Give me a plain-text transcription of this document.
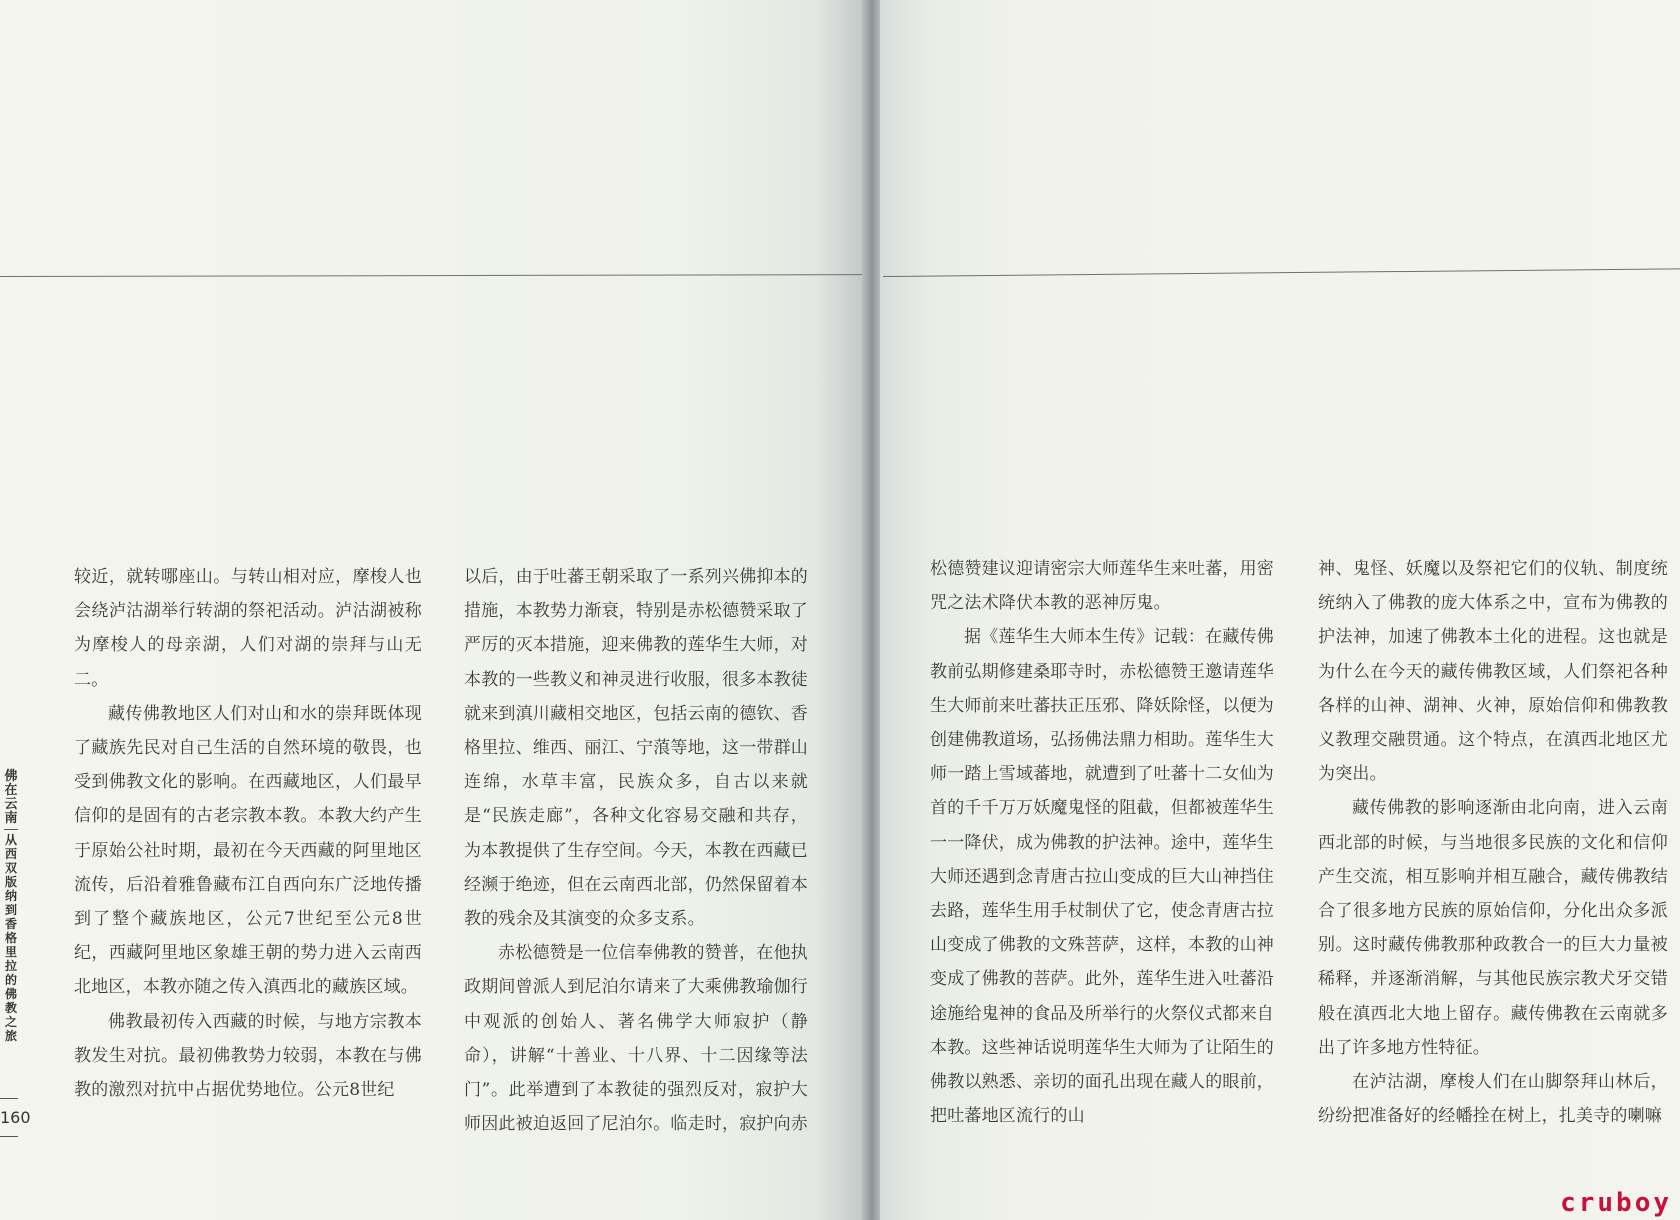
佛在云南
从西双版纳到香格里拉的佛教之旅
160

较近，就转哪座山。与转山相对应，摩梭人也会绕泸沽湖举行转湖的祭祀活动。泸沽湖被称为摩梭人的母亲湖，人们对湖的崇拜与山无二。

藏传佛教地区人们对山和水的崇拜既体现了藏族先民对自己生活的自然环境的敬畏，也受到佛教文化的影响。在西藏地区，人们最早信仰的是固有的古老宗教本教。本教大约产生于原始公社时期，最初在今天西藏的阿里地区流传，后沿着雅鲁藏布江自西向东广泛地传播到了整个藏族地区，公元7世纪至公元8世纪，西藏阿里地区象雄王朝的势力进入云南西北地区，本教亦随之传入滇西北的藏族区域。

佛教最初传入西藏的时候，与地方宗教本教发生对抗。最初佛教势力较弱，本教在与佛教的激烈对抗中占据优势地位。公元8世纪

以后，由于吐蕃王朝采取了一系列兴佛抑本的措施，本教势力渐衰，特别是赤松德赞采取了严厉的灭本措施，迎来佛教的莲华生大师，对本教的一些教义和神灵进行收服，很多本教徒就来到滇川藏相交地区，包括云南的德钦、香格里拉、维西、丽江、宁蒗等地，这一带群山连绵，水草丰富，民族众多，自古以来就是“民族走廊”，各种文化容易交融和共存，为本教提供了生存空间。今天，本教在西藏已经濒于绝迹，但在云南西北部，仍然保留着本教的残余及其演变的众多支系。

赤松德赞是一位信奉佛教的赞普，在他执政期间曾派人到尼泊尔请来了大乘佛教瑜伽行中观派的创始人、著名佛学大师寂护（静命），讲解“十善业、十八界、十二因缘等法门”。此举遭到了本教徒的强烈反对，寂护大师因此被迫返回了尼泊尔。临走时，寂护向赤

松德赞建议迎请密宗大师莲华生来吐蕃，用密咒之法术降伏本教的恶神厉鬼。

据《莲华生大师本生传》记载：在藏传佛教前弘期修建桑耶寺时，赤松德赞王邀请莲华生大师前来吐蕃扶正压邪、降妖除怪，以便为创建佛教道场，弘扬佛法鼎力相助。莲华生大师一踏上雪域蕃地，就遭到了吐蕃十二女仙为首的千千万万妖魔鬼怪的阻截，但都被莲华生一一降伏，成为佛教的护法神。途中，莲华生大师还遇到念青唐古拉山变成的巨大山神挡住去路，莲华生用手杖制伏了它，使念青唐古拉山变成了佛教的文殊菩萨，这样，本教的山神变成了佛教的菩萨。此外，莲华生进入吐蕃沿途施给鬼神的食品及所举行的火祭仪式都来自本教。这些神话说明莲华生大师为了让陌生的佛教以熟悉、亲切的面孔出现在藏人的眼前，把吐蕃地区流行的山

神、鬼怪、妖魔以及祭祀它们的仪轨、制度统统纳入了佛教的庞大体系之中，宣布为佛教的护法神，加速了佛教本土化的进程。这也就是为什么在今天的藏传佛教区域，人们祭祀各种各样的山神、湖神、火神，原始信仰和佛教教义教理交融贯通。这个特点，在滇西北地区尤为突出。

藏传佛教的影响逐渐由北向南，进入云南西北部的时候，与当地很多民族的文化和信仰产生交流，相互影响并相互融合，藏传佛教结合了很多地方民族的原始信仰，分化出众多派别。这时藏传佛教那种政教合一的巨大力量被稀释，并逐渐消解，与其他民族宗教犬牙交错般在滇西北大地上留存。藏传佛教在云南就多出了许多地方性特征。

在泸沽湖，摩梭人们在山脚祭拜山林后，纷纷把准备好的经幡拴在树上，扎美寺的喇嘛

cruboy
